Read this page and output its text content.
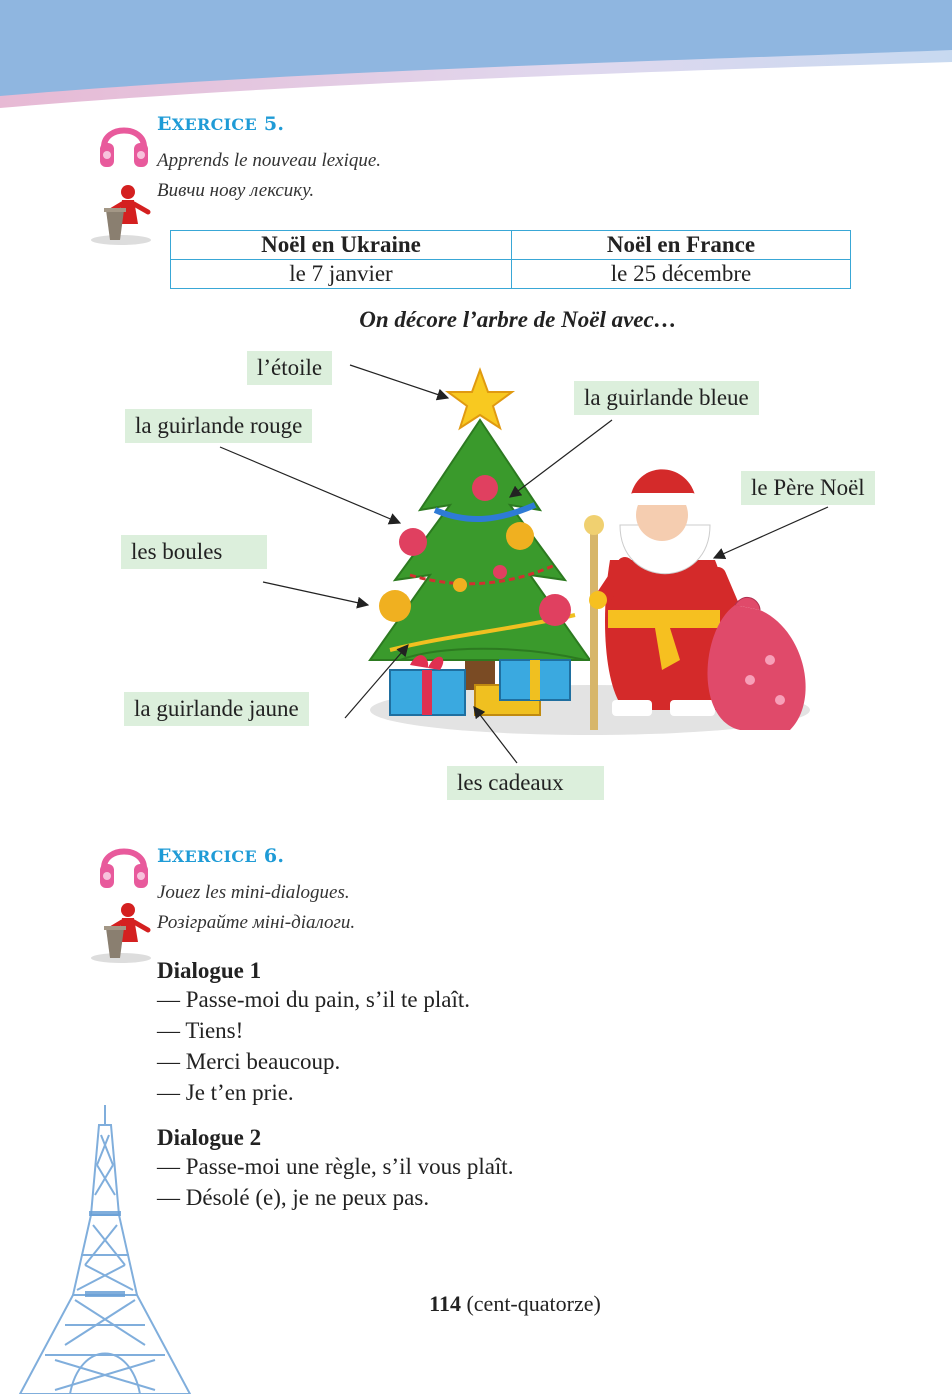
EXERCICE 5.
Apprends le nouveau lexique.
Вивчи нову лексику.
Noël en Ukraine	Noël en France
le 7 janvier	le 25 décembre
On décore l’arbre de Noël avec…
l’étoile
la guirlande bleue
la guirlande rouge
le Père Noël
les boules
la guirlande jaune
les cadeaux
EXERCICE 6.
Jouez les mini-dialogues.
Розіграйте міні-діалоги.
Dialogue 1
— Passe-moi du pain, s’il te plaît.
— Tiens!
— Merci beaucoup.
— Je t’en prie.
Dialogue 2
— Passe-moi une règle, s’il vous plaît.
— Désolé (e), je ne peux pas.
114 (cent-quatorze)
